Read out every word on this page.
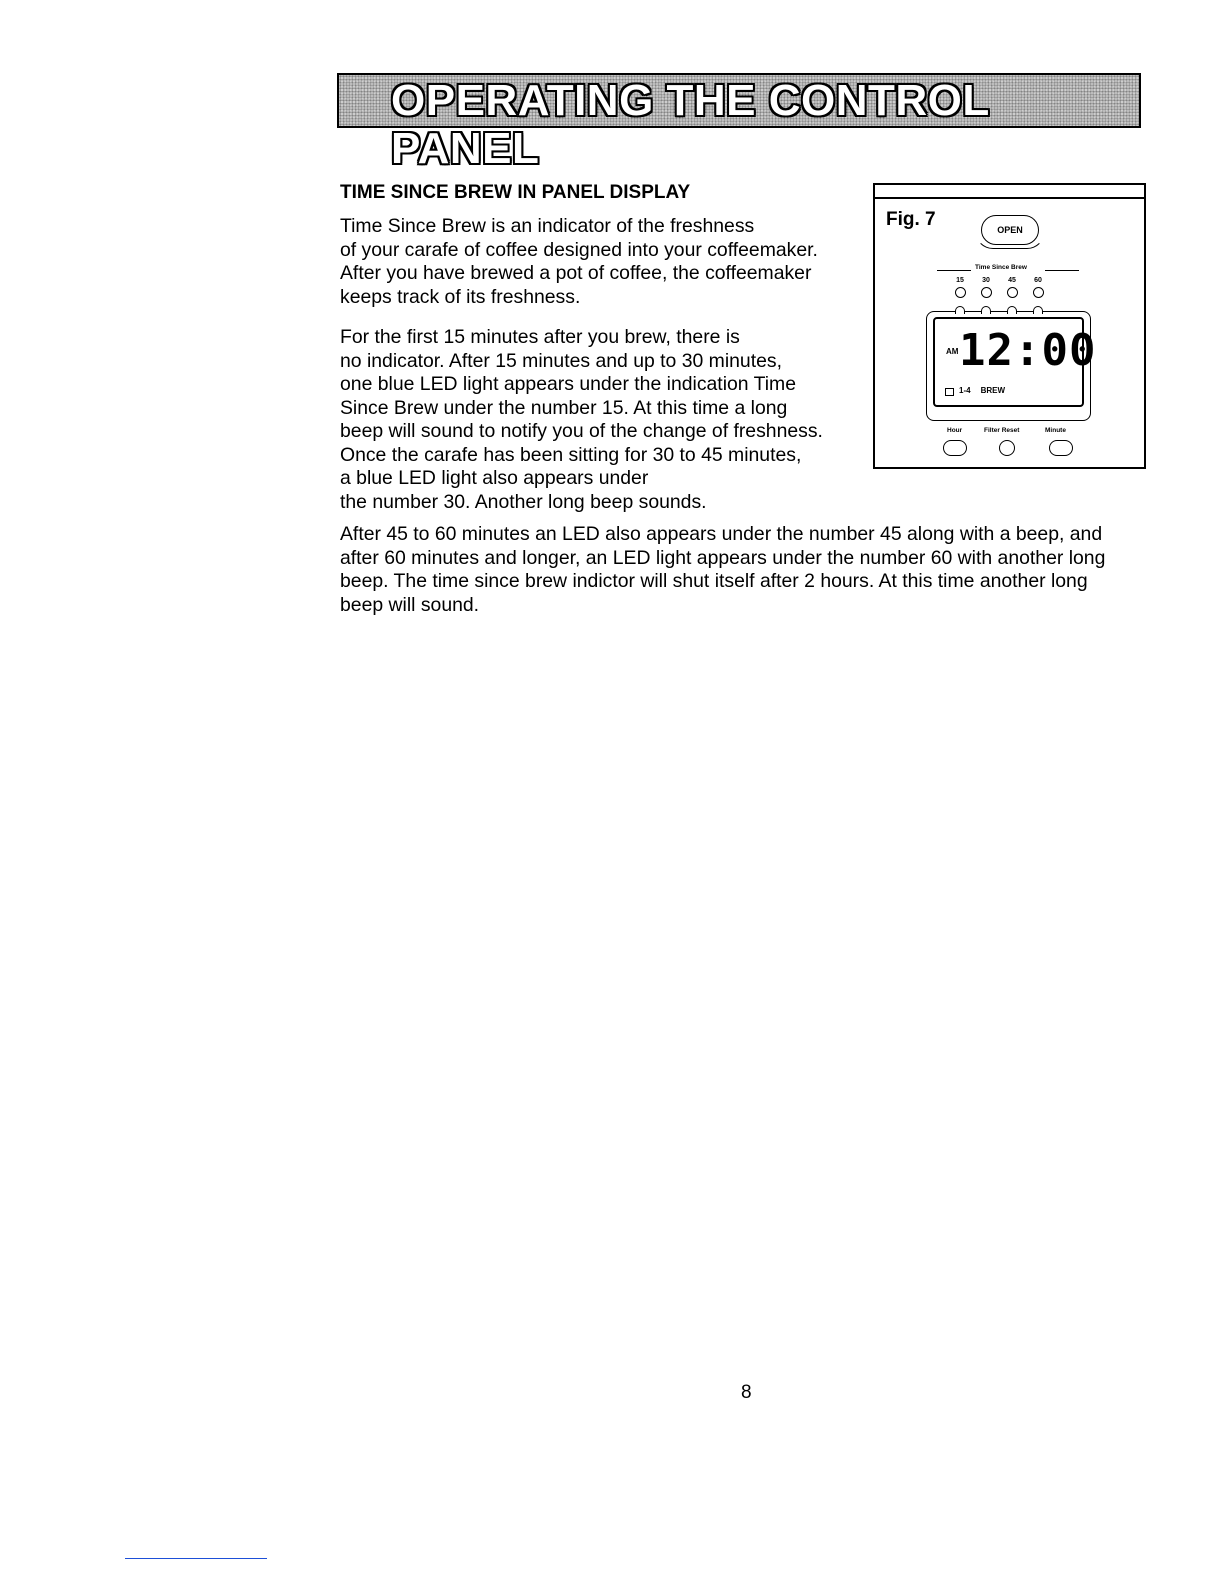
OPERATING THE CONTROL PANEL
TIME SINCE BREW IN PANEL DISPLAY

Time Since Brew is an indicator of the freshness
of your carafe of coffee designed into your coffeemaker.
After you have brewed a pot of coffee, the coffeemaker
keeps track of its freshness.

For the first 15 minutes after you brew, there is
no indicator. After 15 minutes and up to 30 minutes,
one blue LED light appears under the indication Time
Since Brew under the number 15. At this time a long
beep will sound to notify you of the change of freshness.
Once the carafe has been sitting for 30 to 45 minutes,
a blue LED light also appears under
the number 30. Another long beep sounds.

Fig. 7	OPEN
Time Since Brew
15	30	45	60
AM 12:00
1-4 BREW
Hour	Filter Reset	Minute

After 45 to 60 minutes an LED also appears under the number 45 along with a beep, and
after 60 minutes and longer, an LED light appears under the number 60 with another long
beep. The time since brew indictor will shut itself after 2 hours. At this time another long
beep will sound.

8
